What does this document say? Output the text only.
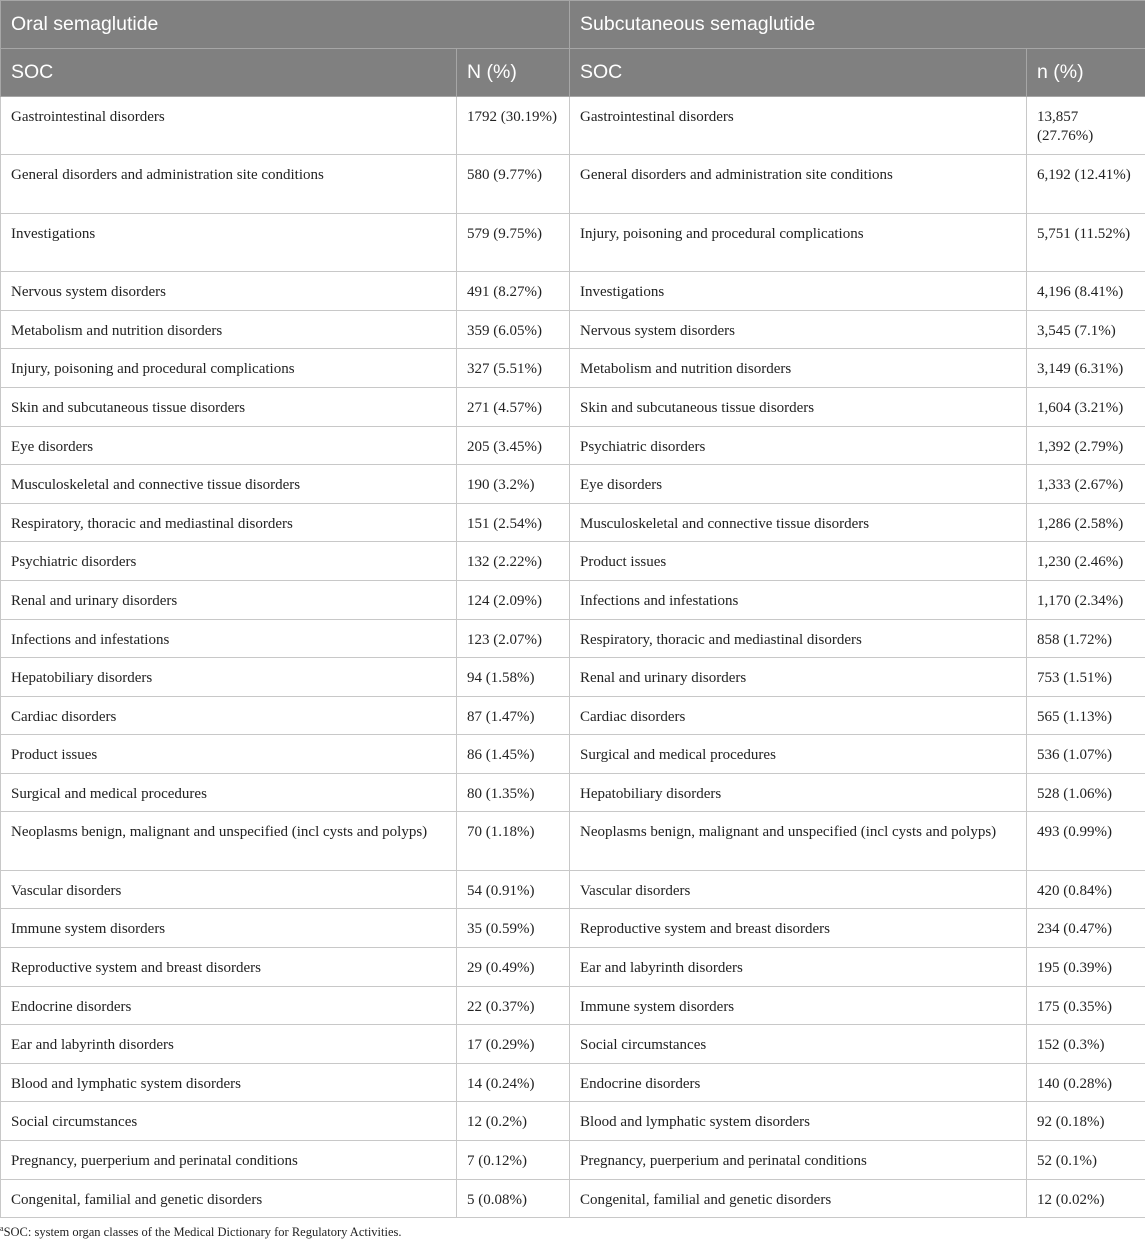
Oral semaglutide		Subcutaneous semaglutide	
SOC	N (%)	SOC	n (%)
Gastrointestinal disorders	1792 (30.19%)	Gastrointestinal disorders	13,857 (27.76%)
General disorders and administration site conditions	580 (9.77%)	General disorders and administration site conditions	6,192 (12.41%)
Investigations	579 (9.75%)	Injury, poisoning and procedural complications	5,751 (11.52%)
Nervous system disorders	491 (8.27%)	Investigations	4,196 (8.41%)
Metabolism and nutrition disorders	359 (6.05%)	Nervous system disorders	3,545 (7.1%)
Injury, poisoning and procedural complications	327 (5.51%)	Metabolism and nutrition disorders	3,149 (6.31%)
Skin and subcutaneous tissue disorders	271 (4.57%)	Skin and subcutaneous tissue disorders	1,604 (3.21%)
Eye disorders	205 (3.45%)	Psychiatric disorders	1,392 (2.79%)
Musculoskeletal and connective tissue disorders	190 (3.2%)	Eye disorders	1,333 (2.67%)
Respiratory, thoracic and mediastinal disorders	151 (2.54%)	Musculoskeletal and connective tissue disorders	1,286 (2.58%)
Psychiatric disorders	132 (2.22%)	Product issues	1,230 (2.46%)
Renal and urinary disorders	124 (2.09%)	Infections and infestations	1,170 (2.34%)
Infections and infestations	123 (2.07%)	Respiratory, thoracic and mediastinal disorders	858 (1.72%)
Hepatobiliary disorders	94 (1.58%)	Renal and urinary disorders	753 (1.51%)
Cardiac disorders	87 (1.47%)	Cardiac disorders	565 (1.13%)
Product issues	86 (1.45%)	Surgical and medical procedures	536 (1.07%)
Surgical and medical procedures	80 (1.35%)	Hepatobiliary disorders	528 (1.06%)
Neoplasms benign, malignant and unspecified (incl cysts and polyps)	70 (1.18%)	Neoplasms benign, malignant and unspecified (incl cysts and polyps)	493 (0.99%)
Vascular disorders	54 (0.91%)	Vascular disorders	420 (0.84%)
Immune system disorders	35 (0.59%)	Reproductive system and breast disorders	234 (0.47%)
Reproductive system and breast disorders	29 (0.49%)	Ear and labyrinth disorders	195 (0.39%)
Endocrine disorders	22 (0.37%)	Immune system disorders	175 (0.35%)
Ear and labyrinth disorders	17 (0.29%)	Social circumstances	152 (0.3%)
Blood and lymphatic system disorders	14 (0.24%)	Endocrine disorders	140 (0.28%)
Social circumstances	12 (0.2%)	Blood and lymphatic system disorders	92 (0.18%)
Pregnancy, puerperium and perinatal conditions	7 (0.12%)	Pregnancy, puerperium and perinatal conditions	52 (0.1%)
Congenital, familial and genetic disorders	5 (0.08%)	Congenital, familial and genetic disorders	12 (0.02%)
$^a$SOC: system organ classes of the Medical Dictionary for Regulatory Activities.
